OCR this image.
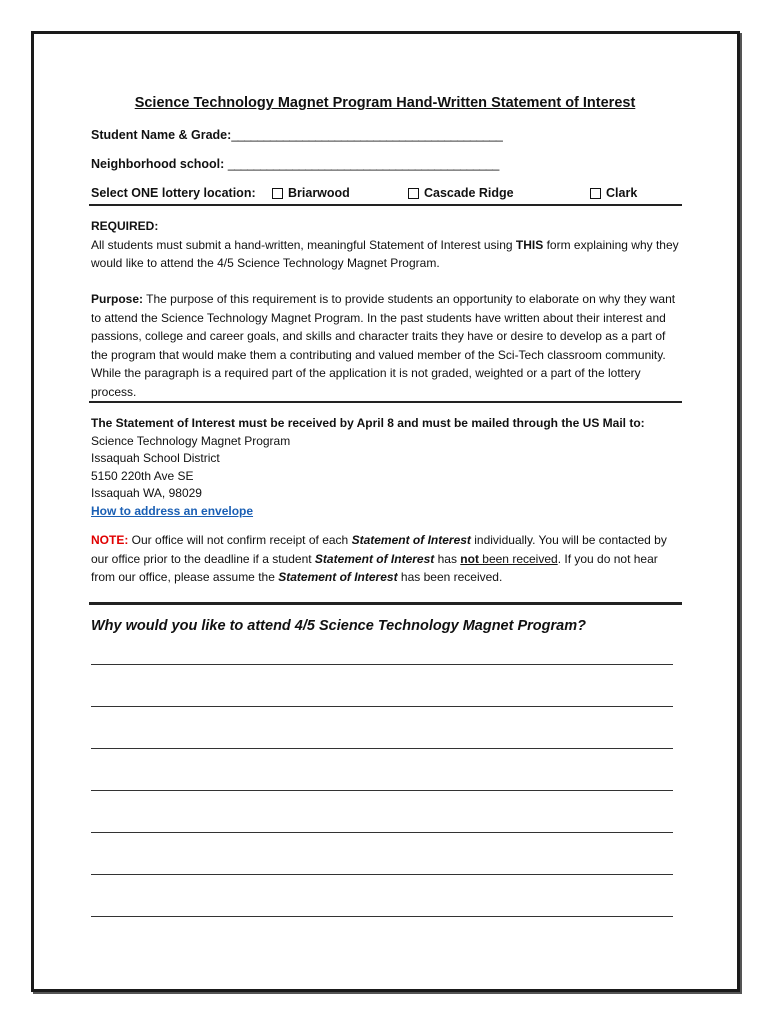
Science Technology Magnet Program Hand-Written Statement of Interest
Student Name & Grade:__________________________________________
Neighborhood school: __________________________________________
Select ONE lottery location:	Briarwood	Cascade Ridge	Clark
REQUIRED:
All students must submit a hand-written, meaningful Statement of Interest using THIS form explaining why they would like to attend the 4/5 Science Technology Magnet Program.
Purpose: The purpose of this requirement is to provide students an opportunity to elaborate on why they want to attend the Science Technology Magnet Program. In the past students have written about their interest and passions, college and career goals, and skills and character traits they have or desire to develop as a part of the program that would make them a contributing and valued member of the Sci-Tech classroom community. While the paragraph is a required part of the application it is not graded, weighted or a part of the lottery process.
The Statement of Interest must be received by April 8 and must be mailed through the US Mail to:
Science Technology Magnet Program
Issaquah School District
5150 220th Ave SE
Issaquah WA, 98029
How to address an envelope
NOTE: Our office will not confirm receipt of each Statement of Interest individually. You will be contacted by our office prior to the deadline if a student Statement of Interest has not been received. If you do not hear from our office, please assume the Statement of Interest has been received.
Why would you like to attend 4/5 Science Technology Magnet Program?
